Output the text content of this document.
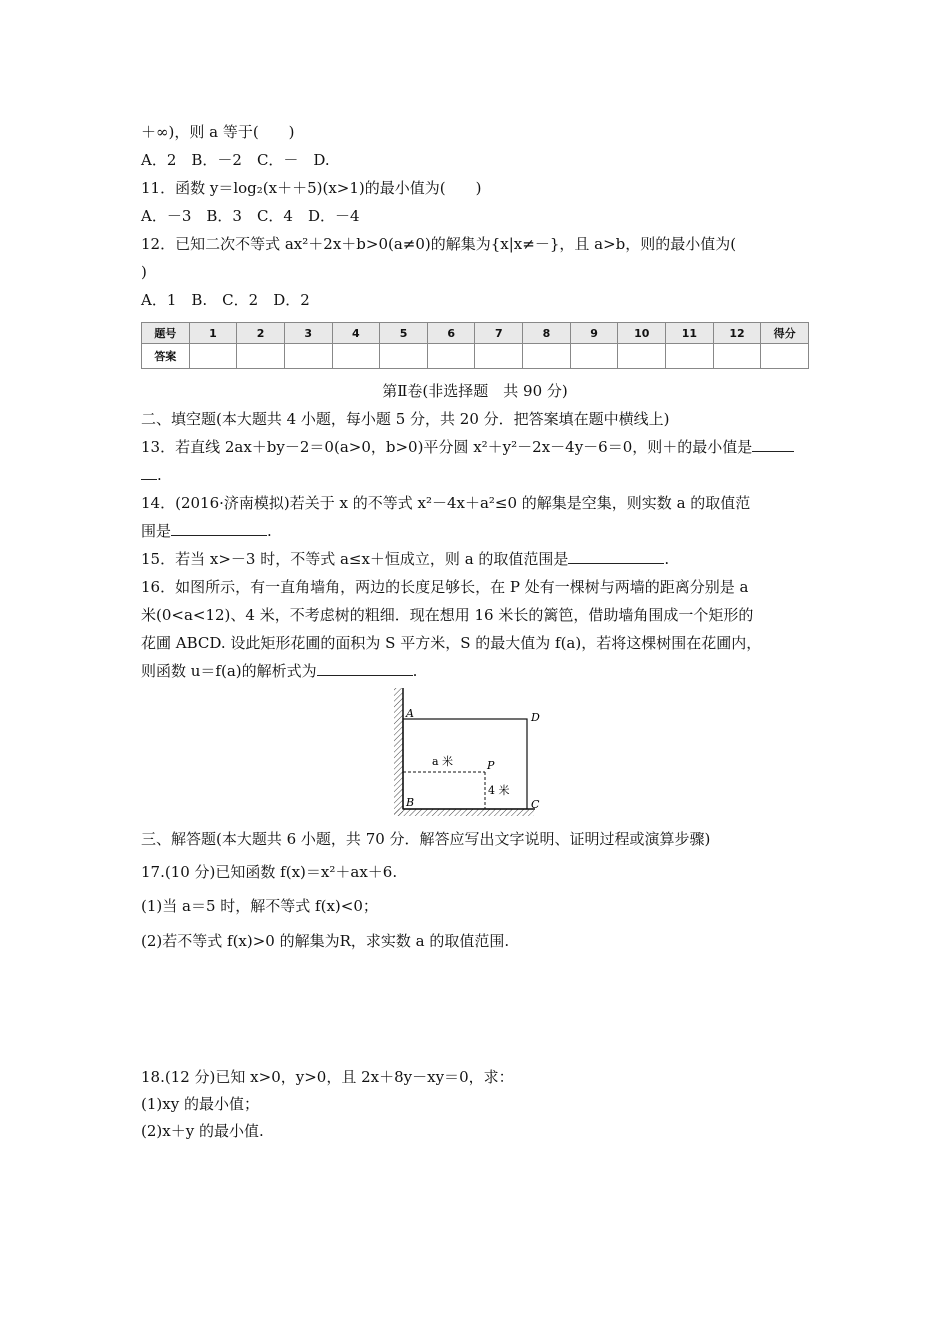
＋∞)，则 a 等于(　　)
A．2　B．－2　C．－　D.
11．函数 y＝log₂(x＋＋5)(x>1)的最小值为(　　)
A．－3　B．3　C．4　D．－4
12．已知二次不等式 ax²＋2x＋b>0(a≠0)的解集为{x|x≠－}，且 a>b，则的最小值为(
)
A．1　B.　C．2　D．2
题号	1	2	3	4	5	6	7	8	9	10	11	12	得分
答案													
第Ⅱ卷(非选择题　共 90 分)
二、填空题(本大题共 4 小题，每小题 5 分，共 20 分．把答案填在题中横线上)
13．若直线 2ax＋by－2＝0(a>0，b>0)平分圆 x²＋y²－2x－4y－6＝0，则＋的最小值是
.
14．(2016·济南模拟)若关于 x 的不等式 x²－4x＋a²≤0 的解集是空集，则实数 a 的取值范
围是	.
15．若当 x>－3 时，不等式 a≤x＋恒成立，则 a 的取值范围是	.
16．如图所示，有一直角墙角，两边的长度足够长，在 P 处有一棵树与两墙的距离分别是 a
米(0<a<12)、4 米，不考虑树的粗细．现在想用 16 米长的篱笆，借助墙角围成一个矩形的
花圃 ABCD. 设此矩形花圃的面积为 S 平方米，S 的最大值为 f(a)，若将这棵树围在花圃内，
则函数 u＝f(a)的解析式为	.
A	D
B	C
P
a 米
4 米
三、解答题(本大题共 6 小题，共 70 分．解答应写出文字说明、证明过程或演算步骤)
17.(10 分)已知函数 f(x)＝x²＋ax＋6.
(1)当 a＝5 时，解不等式 f(x)<0；
(2)若不等式 f(x)>0 的解集为R，求实数 a 的取值范围.
18.(12 分)已知 x>0，y>0，且 2x＋8y－xy＝0，求：
(1)xy 的最小值；
(2)x＋y 的最小值.
